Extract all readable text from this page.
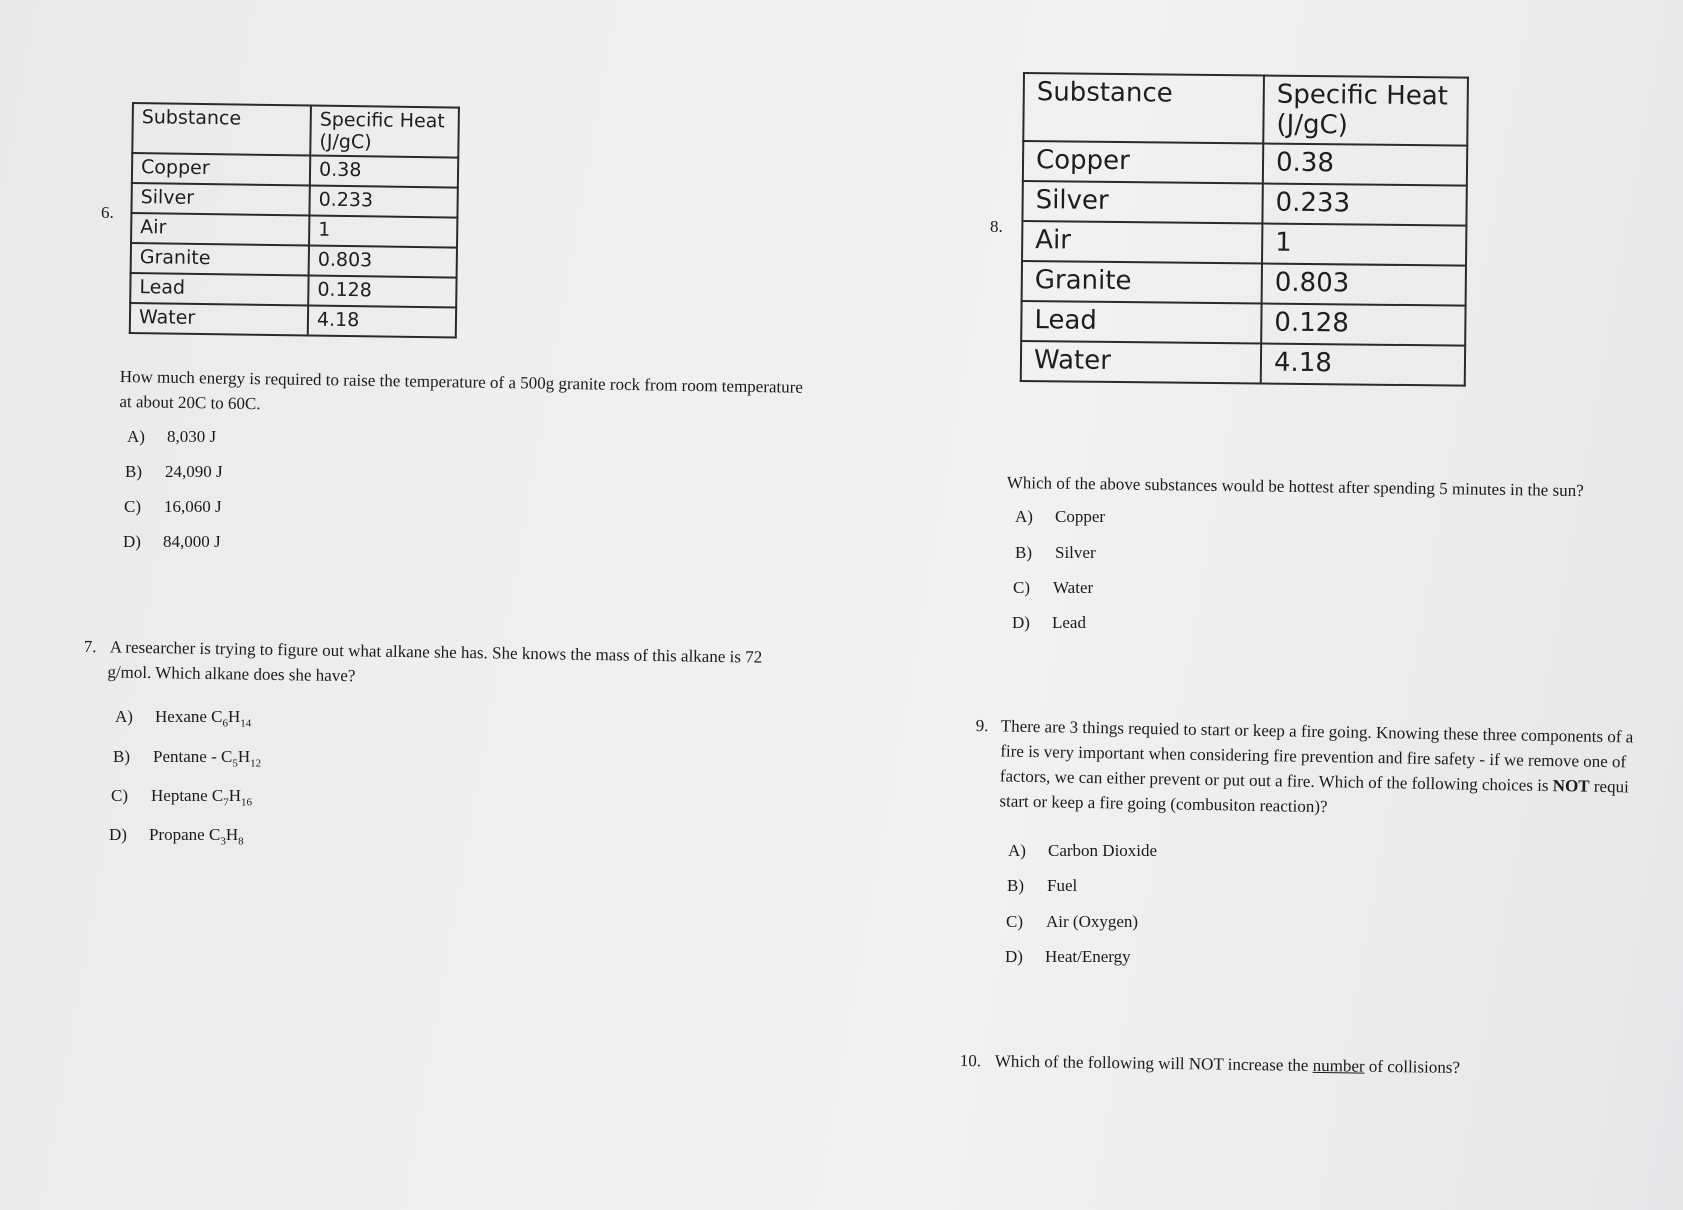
6.
Substance	Specific Heat
(J/gC)
Copper	0.38
Silver	0.233
Air	1
Granite	0.803
Lead	0.128
Water	4.18
How much energy is required to raise the temperature of a 500g granite rock from room temperature
at about 20C to 60C.
A) 8,030 J
B) 24,090 J
C) 16,060 J
D) 84,000 J
7. A researcher is trying to figure out what alkane she has. She knows the mass of this alkane is 72
g/mol. Which alkane does she have?
A) Hexane $C_6H_{14}$
B) Pentane - $C_5H_{12}$
C) Heptane $C_7H_{16}$
D) Propane $C_3H_8$
8.
Substance	Specific Heat
(J/gC)
Copper	0.38
Silver	0.233
Air	1
Granite	0.803
Lead	0.128
Water	4.18
Which of the above substances would be hottest after spending 5 minutes in the sun?
A) Copper
B) Silver
C) Water
D) Lead
9. There are 3 things requied to start or keep a fire going. Knowing these three components of a
fire is very important when considering fire prevention and fire safety - if we remove one of
factors, we can either prevent or put out a fire. Which of the following choices is NOT requi
start or keep a fire going (combusiton reaction)?
A) Carbon Dioxide
B) Fuel
C) Air (Oxygen)
D) Heat/Energy
10. Which of the following will NOT increase the number of collisions?
